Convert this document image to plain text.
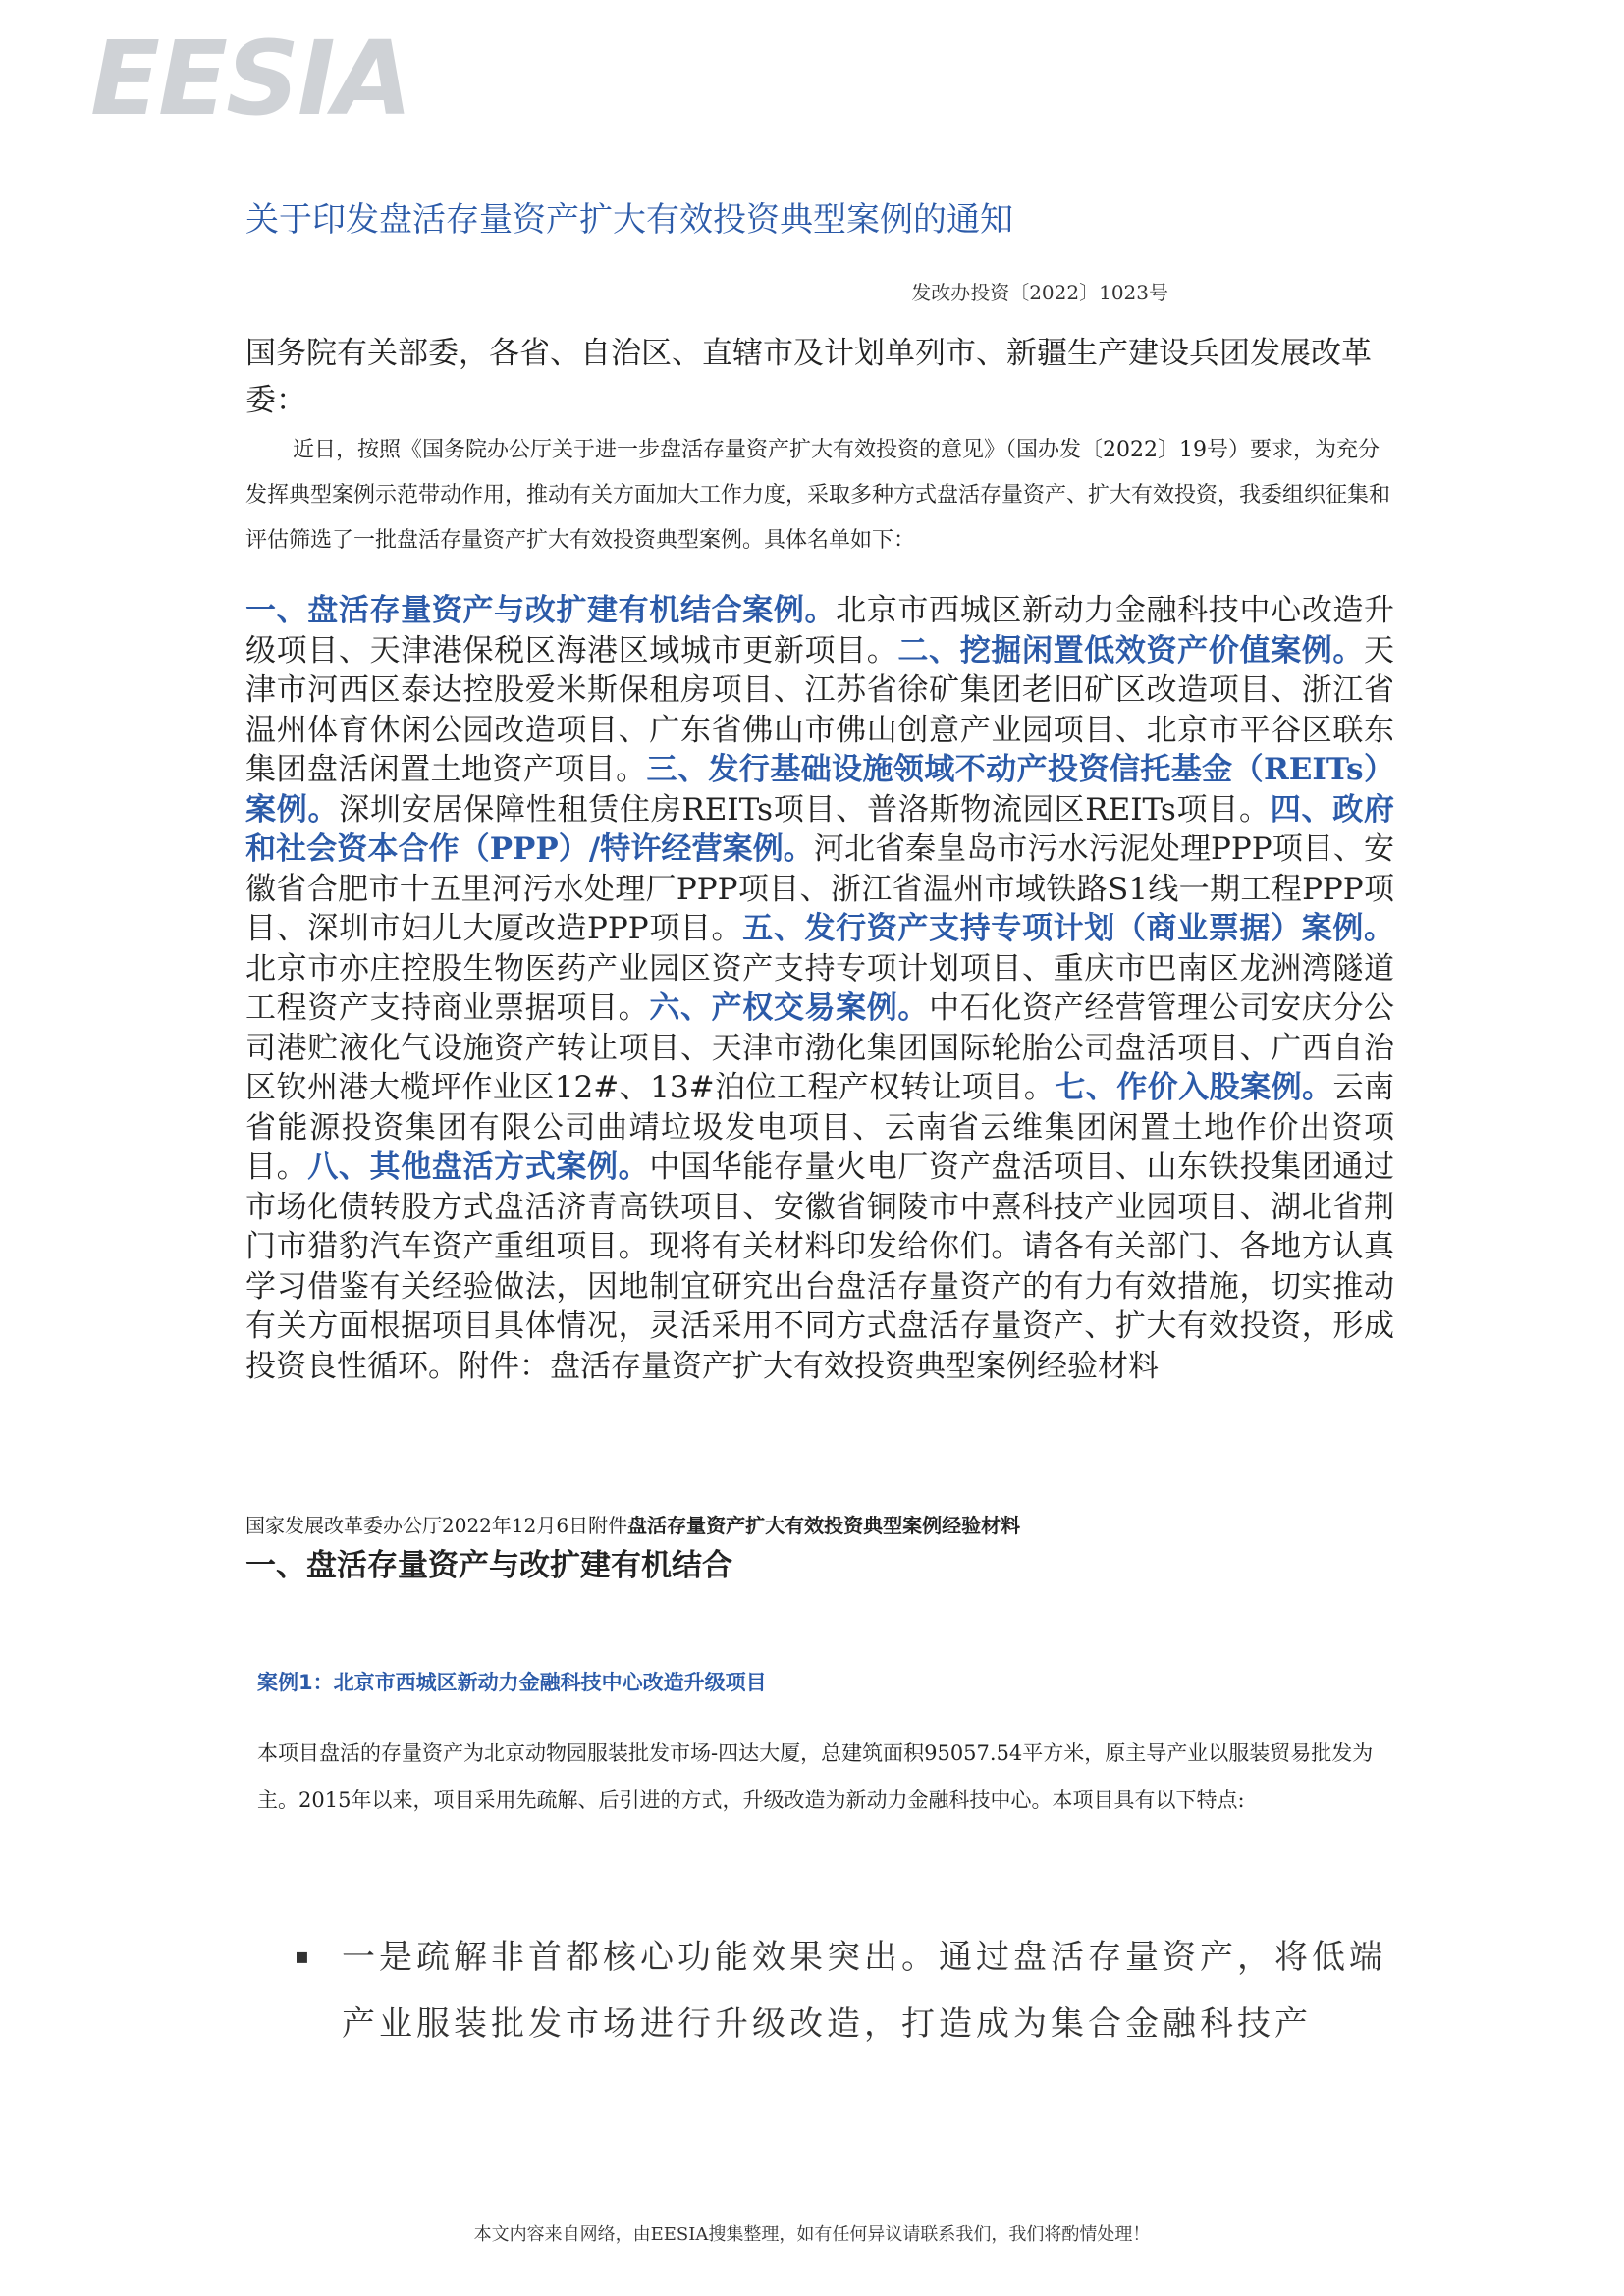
EESIA
关于印发盘活存量资产扩大有效投资典型案例的通知
发改办投资〔2022〕1023号
国务院有关部委，各省、自治区、直辖市及计划单列市、新疆生产建设兵团发展改革委：
近日，按照《国务院办公厅关于进一步盘活存量资产扩大有效投资的意见》（国办发〔2022〕19号）要求，为充分发挥典型案例示范带动作用，推动有关方面加大工作力度，采取多种方式盘活存量资产、扩大有效投资，我委组织征集和评估筛选了一批盘活存量资产扩大有效投资典型案例。具体名单如下：
一、盘活存量资产与改扩建有机结合案例。北京市西城区新动力金融科技中心改造升级项目、天津港保税区海港区域城市更新项目。二、挖掘闲置低效资产价值案例。天津市河西区泰达控股爱米斯保租房项目、江苏省徐矿集团老旧矿区改造项目、浙江省温州体育休闲公园改造项目、广东省佛山市佛山创意产业园项目、北京市平谷区联东集团盘活闲置土地资产项目。三、发行基础设施领域不动产投资信托基金（REITs）案例。深圳安居保障性租赁住房REITs项目、普洛斯物流园区REITs项目。四、政府和社会资本合作（PPP）/特许经营案例。河北省秦皇岛市污水污泥处理PPP项目、安徽省合肥市十五里河污水处理厂PPP项目、浙江省温州市域铁路S1线一期工程PPP项目、深圳市妇儿大厦改造PPP项目。五、发行资产支持专项计划（商业票据）案例。北京市亦庄控股生物医药产业园区资产支持专项计划项目、重庆市巴南区龙洲湾隧道工程资产支持商业票据项目。六、产权交易案例。中石化资产经营管理公司安庆分公司港贮液化气设施资产转让项目、天津市渤化集团国际轮胎公司盘活项目、广西自治区钦州港大榄坪作业区12#、13#泊位工程产权转让项目。七、作价入股案例。云南省能源投资集团有限公司曲靖垃圾发电项目、云南省云维集团闲置土地作价出资项目。八、其他盘活方式案例。中国华能存量火电厂资产盘活项目、山东铁投集团通过市场化债转股方式盘活济青高铁项目、安徽省铜陵市中熹科技产业园项目、湖北省荆门市猎豹汽车资产重组项目。现将有关材料印发给你们。请各有关部门、各地方认真学习借鉴有关经验做法，因地制宜研究出台盘活存量资产的有力有效措施，切实推动有关方面根据项目具体情况，灵活采用不同方式盘活存量资产、扩大有效投资，形成投资良性循环。附件：盘活存量资产扩大有效投资典型案例经验材料
国家发展改革委办公厅2022年12月6日附件盘活存量资产扩大有效投资典型案例经验材料
一、盘活存量资产与改扩建有机结合
案例1：北京市西城区新动力金融科技中心改造升级项目
本项目盘活的存量资产为北京动物园服装批发市场-四达大厦，总建筑面积95057.54平方米，原主导产业以服装贸易批发为主。2015年以来，项目采用先疏解、后引进的方式，升级改造为新动力金融科技中心。本项目具有以下特点:
▪ 一是疏解非首都核心功能效果突出。通过盘活存量资产，将低端产业服装批发市场进行升级改造，打造成为集合金融科技产
本文内容来自网络，由EESIA搜集整理，如有任何异议请联系我们，我们将酌情处理！
